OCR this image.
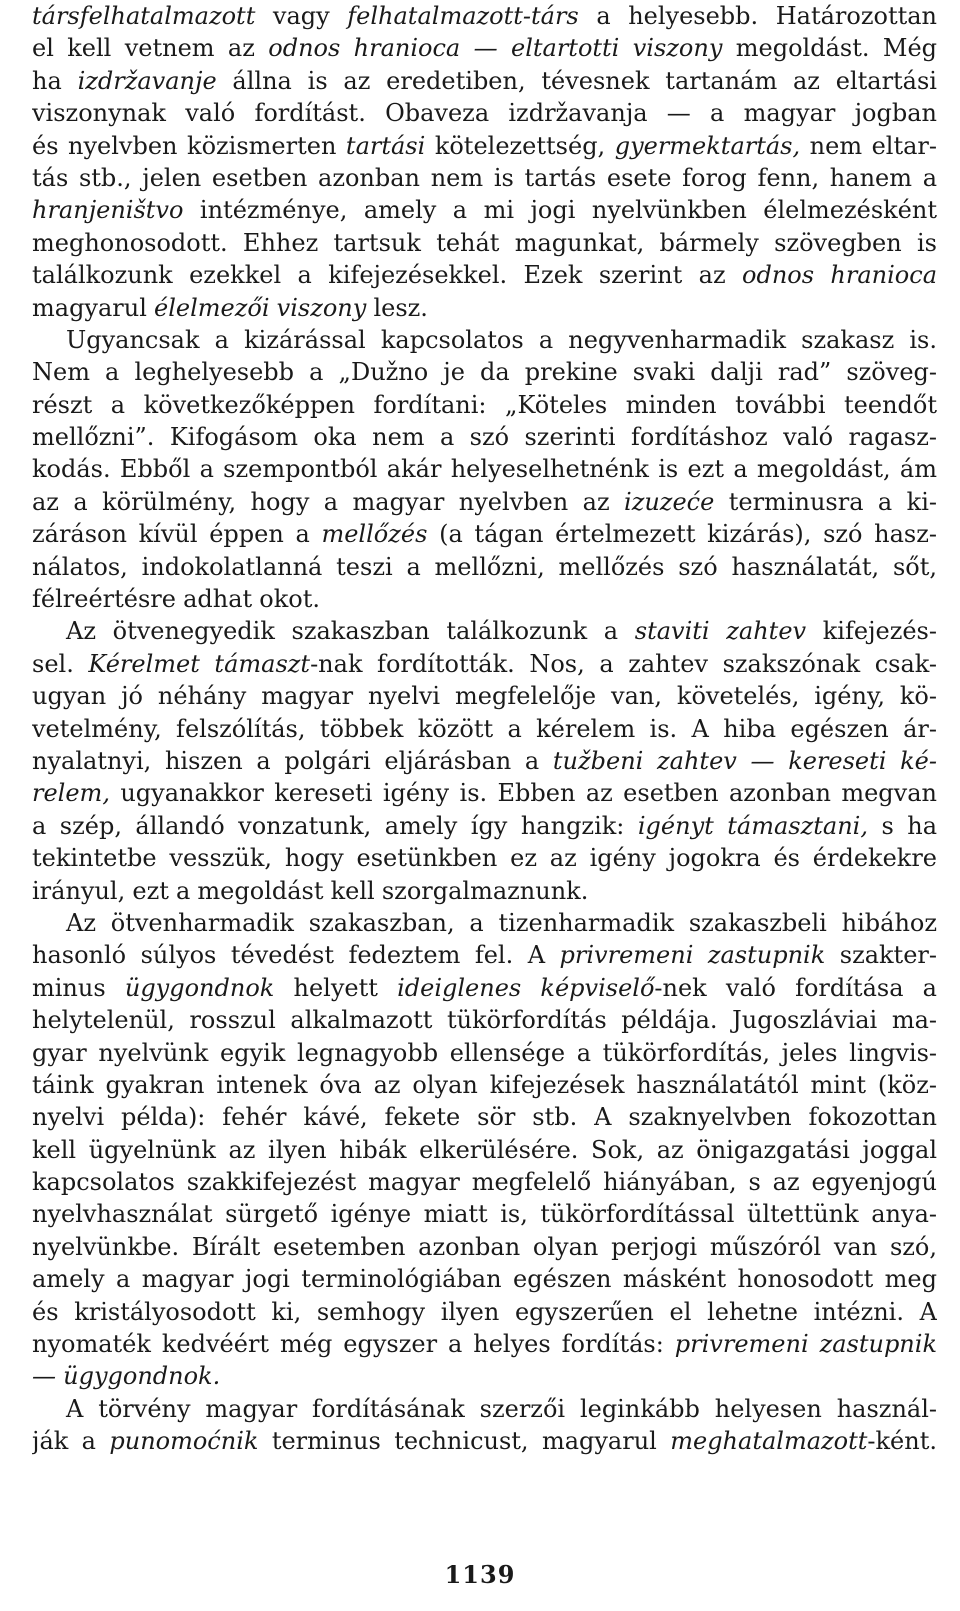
társfelhatalmazott vagy felhatalmazott-társ a helyesebb. Határozottan
el kell vetnem az odnos hranioca — eltartotti viszony megoldást. Még
ha izdržavanje állna is az eredetiben, tévesnek tartanám az eltartási
viszonynak való fordítást. Obaveza izdržavanja — a magyar jogban
és nyelvben közismerten tartási kötelezettség, gyermektartás, nem eltar-
tás stb., jelen esetben azonban nem is tartás esete forog fenn, hanem a
hranjeništvo intézménye, amely a mi jogi nyelvünkben élelmezésként
meghonosodott. Ehhez tartsuk tehát magunkat, bármely szövegben is
találkozunk ezekkel a kifejezésekkel. Ezek szerint az odnos hranioca
magyarul élelmezői viszony lesz.
Ugyancsak a kizárással kapcsolatos a negyvenharmadik szakasz is.
Nem a leghelyesebb a „Dužno je da prekine svaki dalji rad” szöveg-
részt a következőképpen fordítani: „Köteles minden további teendőt
mellőzni”. Kifogásom oka nem a szó szerinti fordításhoz való ragasz-
kodás. Ebből a szempontból akár helyeselhetnénk is ezt a megoldást, ám
az a körülmény, hogy a magyar nyelvben az izuzeće terminusra a ki-
záráson kívül éppen a mellőzés (a tágan értelmezett kizárás), szó hasz-
nálatos, indokolatlanná teszi a mellőzni, mellőzés szó használatát, sőt,
félreértésre adhat okot.
Az ötvenegyedik szakaszban találkozunk a staviti zahtev kifejezés-
sel. Kérelmet támaszt-nak fordították. Nos, a zahtev szakszónak csak-
ugyan jó néhány magyar nyelvi megfelelője van, követelés, igény, kö-
vetelmény, felszólítás, többek között a kérelem is. A hiba egészen ár-
nyalatnyi, hiszen a polgári eljárásban a tužbeni zahtev — kereseti ké-
relem, ugyanakkor kereseti igény is. Ebben az esetben azonban megvan
a szép, állandó vonzatunk, amely így hangzik: igényt támasztani, s ha
tekintetbe vesszük, hogy esetünkben ez az igény jogokra és érdekekre
irányul, ezt a megoldást kell szorgalmaznunk.
Az ötvenharmadik szakaszban, a tizenharmadik szakaszbeli hibához
hasonló súlyos tévedést fedeztem fel. A privremeni zastupnik szakter-
minus ügygondnok helyett ideiglenes képviselő-nek való fordítása a
helytelenül, rosszul alkalmazott tükörfordítás példája. Jugoszláviai ma-
gyar nyelvünk egyik legnagyobb ellensége a tükörfordítás, jeles lingvis-
táink gyakran intenek óva az olyan kifejezések használatától mint (köz-
nyelvi példa): fehér kávé, fekete sör stb. A szaknyelvben fokozottan
kell ügyelnünk az ilyen hibák elkerülésére. Sok, az önigazgatási joggal
kapcsolatos szakkifejezést magyar megfelelő hiányában, s az egyenjogú
nyelvhasználat sürgető igénye miatt is, tükörfordítással ültettünk anya-
nyelvünkbe. Bírált esetemben azonban olyan perjogi műszóról van szó,
amely a magyar jogi terminológiában egészen másként honosodott meg
és kristályosodott ki, semhogy ilyen egyszerűen el lehetne intézni. A
nyomaték kedvéért még egyszer a helyes fordítás: privremeni zastupnik
— ügygondnok.
A törvény magyar fordításának szerzői leginkább helyesen használ-
ják a punomoćnik terminus technicust, magyarul meghatalmazott-ként.
1139
